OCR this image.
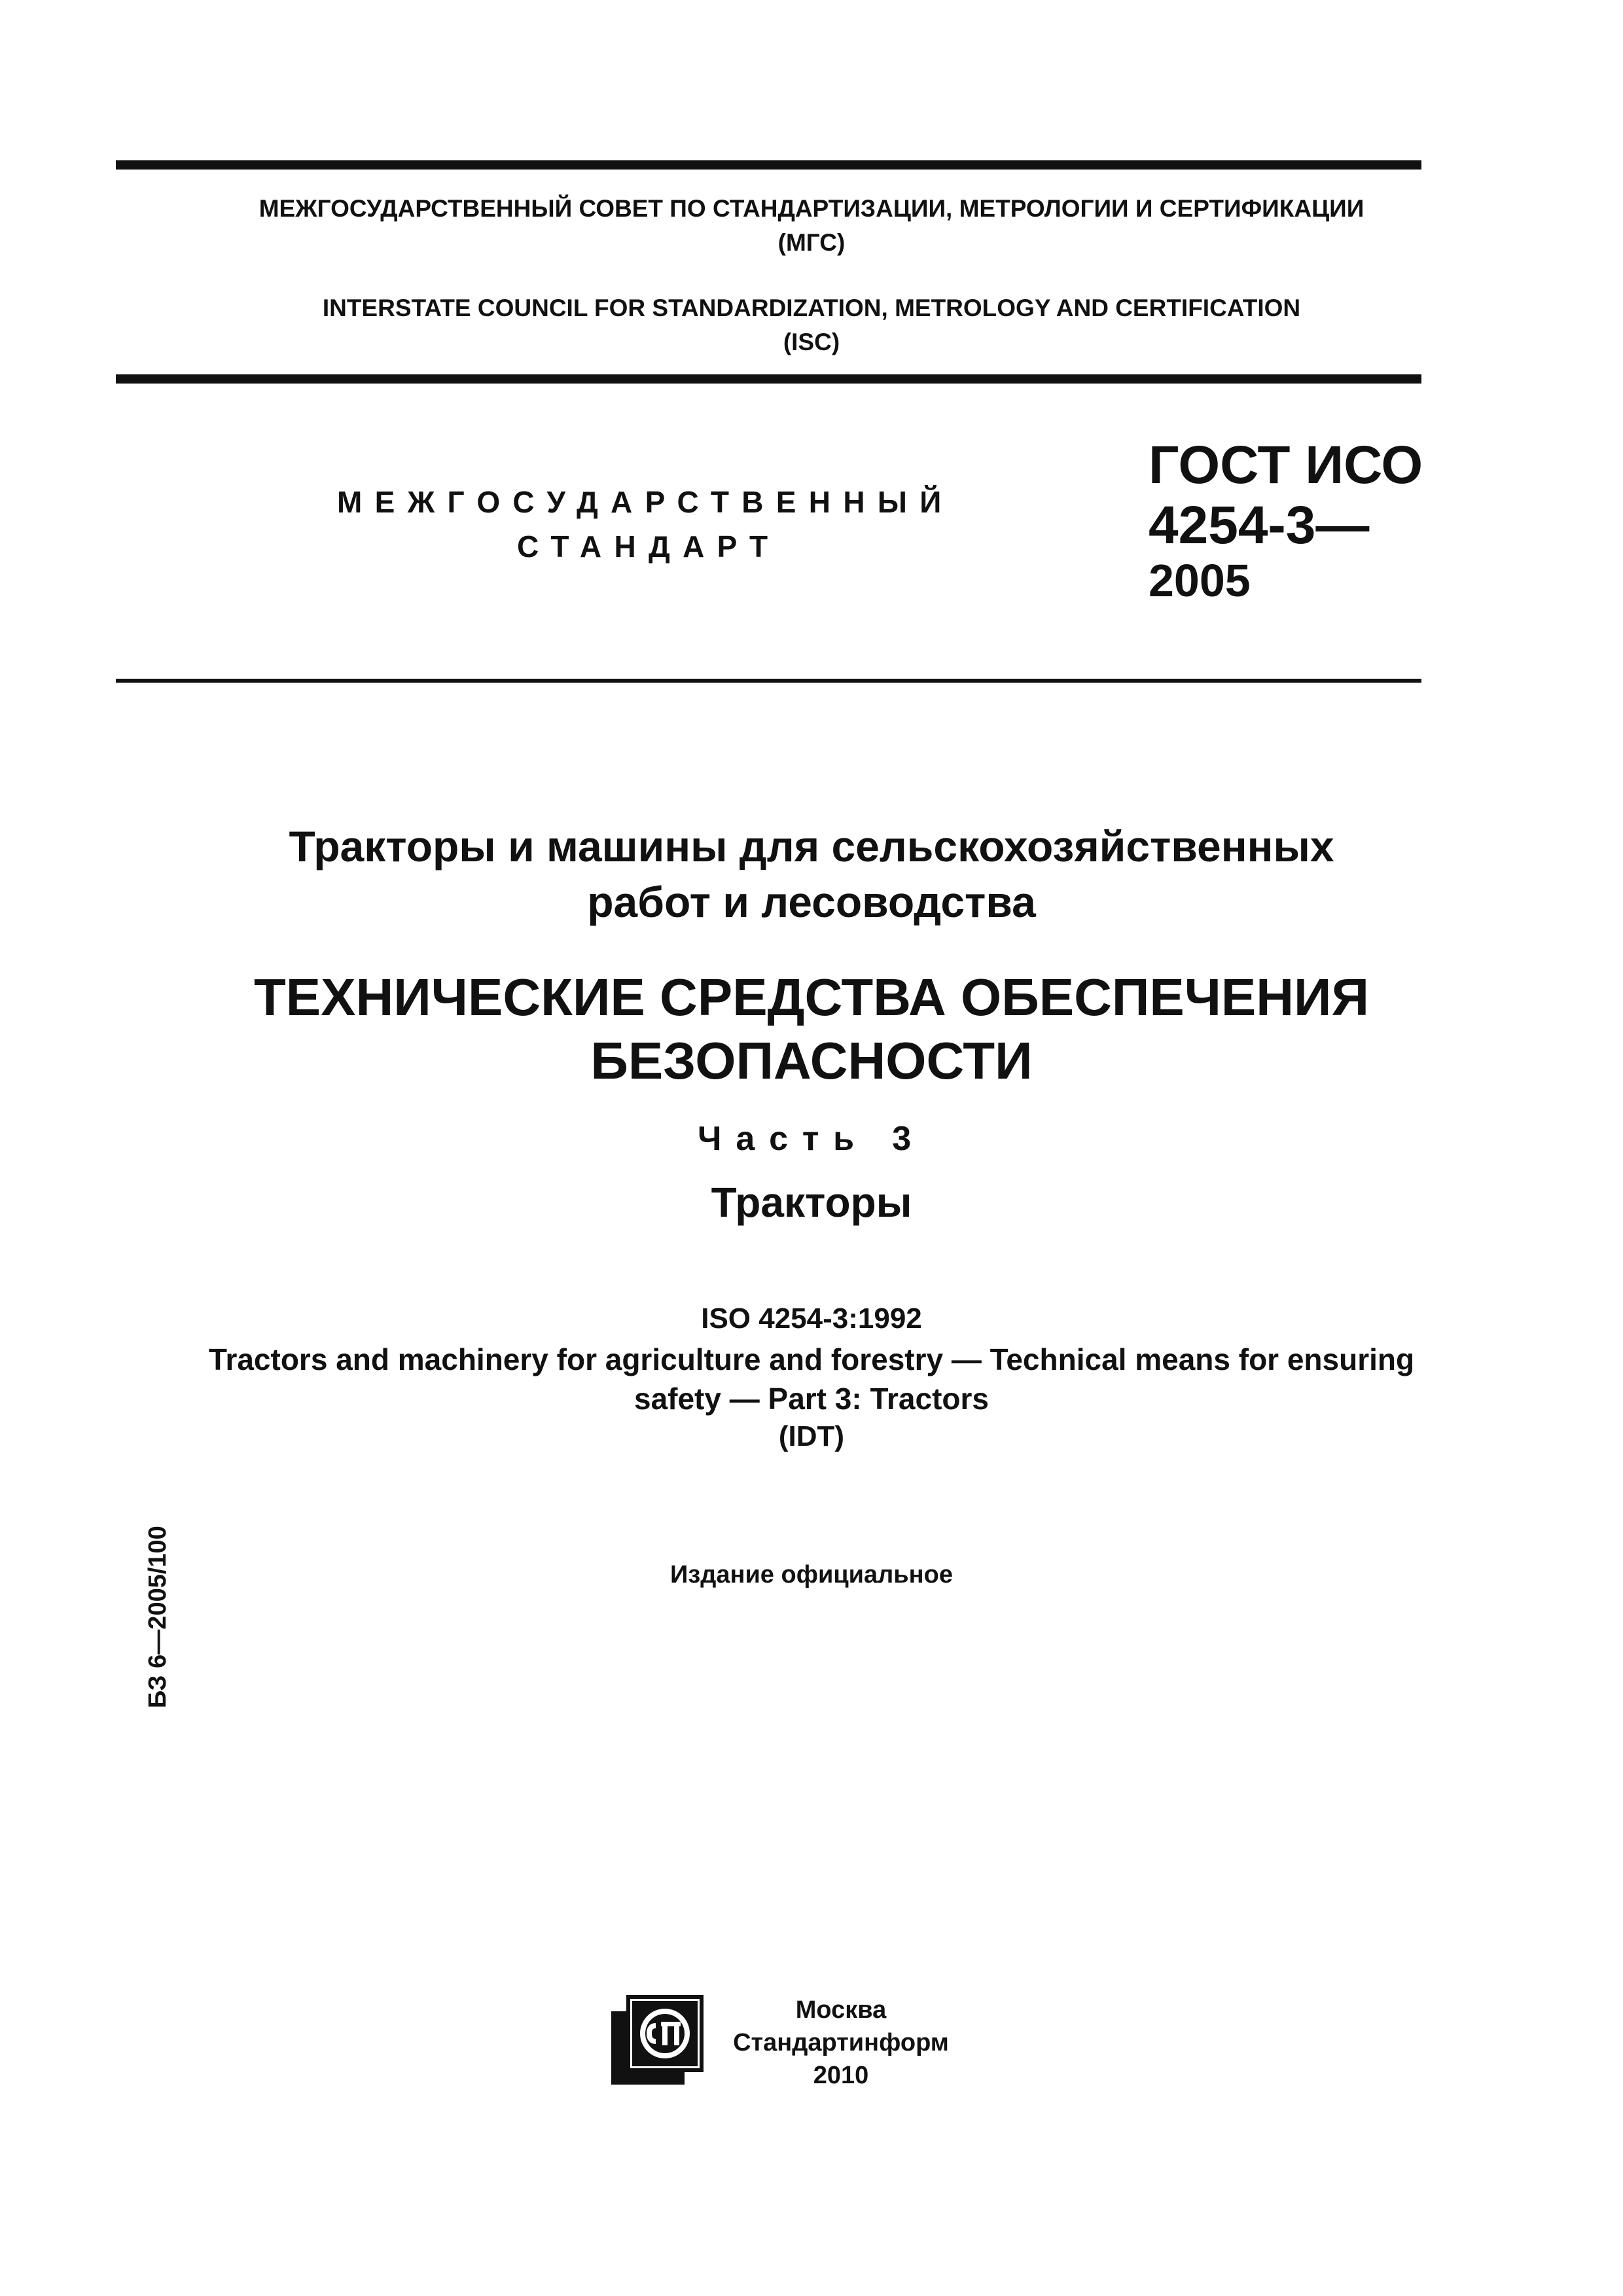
МЕЖГОСУДАРСТВЕННЫЙ СОВЕТ ПО СТАНДАРТИЗАЦИИ, МЕТРОЛОГИИ И СЕРТИФИКАЦИИ
(МГС)
INTERSTATE COUNCIL FOR STANDARDIZATION, METROLOGY AND CERTIFICATION
(ISC)
МЕЖГОСУДАРСТВЕННЫЙ
СТАНДАРТ
ГОСТ ИСО
4254-3—
2005
Тракторы и машины для сельскохозяйственных
работ и лесоводства
ТЕХНИЧЕСКИЕ СРЕДСТВА ОБЕСПЕЧЕНИЯ
БЕЗОПАСНОСТИ
Часть 3
Тракторы
ISO 4254-3:1992
Tractors and machinery for agriculture and forestry — Technical means for ensuring
safety — Part 3: Tractors
(IDT)
Издание официальное
БЗ 6—2005/100
Москва
Стандартинформ
2010
